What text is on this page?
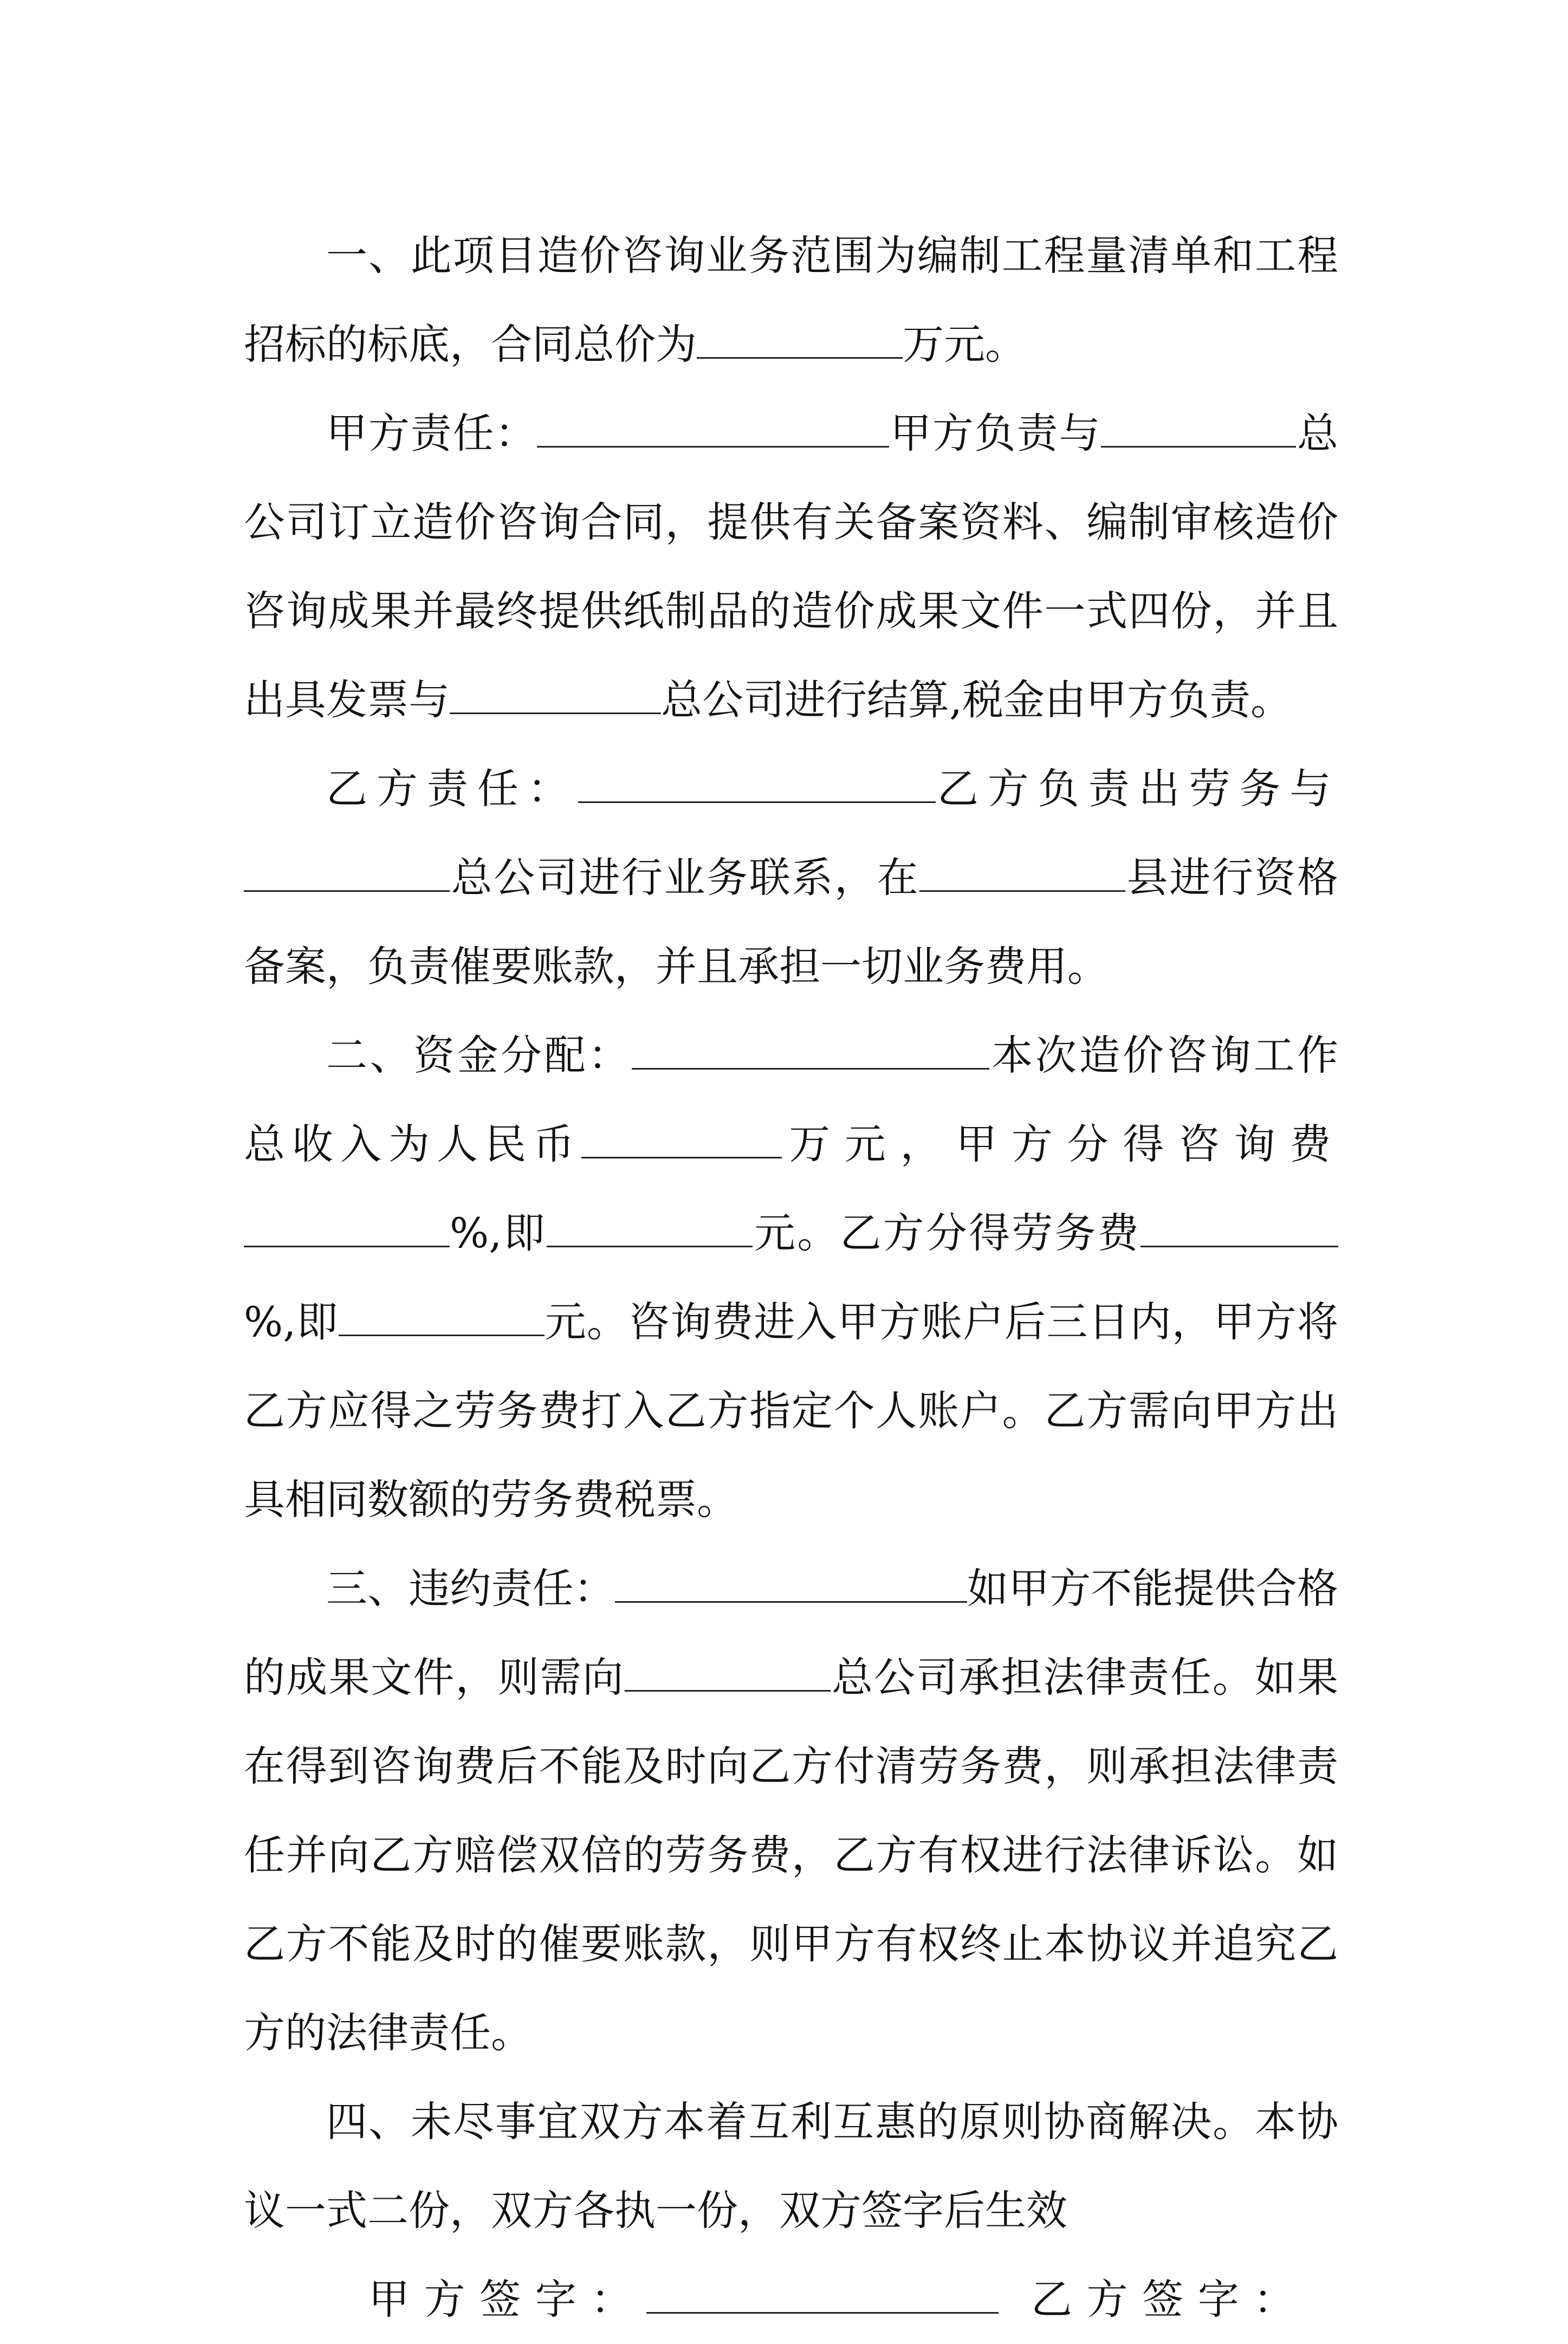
一、此项目造价咨询业务范围为编制工程量清单和工程招标的标底，合同总价为	万元。

甲方责任：	甲方负责与	总公司订立造价咨询合同，提供有关备案资料、编制审核造价咨询成果并最终提供纸制品的造价成果文件一式四份，并且出具发票与	总公司进行结算,税金由甲方负责。

乙方责任：	乙方负责出劳务与总公司进行业务联系，在	县进行资格备案，负责催要账款，并且承担一切业务费用。

二、资金分配：	本次造价咨询工作总收入为人民币	万元，甲方分得咨询费%,即	元。乙方分得劳务费%,即	元。咨询费进入甲方账户后三日内，甲方将乙方应得之劳务费打入乙方指定个人账户。乙方需向甲方出具相同数额的劳务费税票。

三、违约责任：	如甲方不能提供合格的成果文件，则需向	总公司承担法律责任。如果在得到咨询费后不能及时向乙方付清劳务费，则承担法律责任并向乙方赔偿双倍的劳务费，乙方有权进行法律诉讼。如乙方不能及时的催要账款，则甲方有权终止本协议并追究乙方的法律责任。

四、未尽事宜双方本着互利互惠的原则协商解决。本协议一式二份，双方各执一份，双方签字后生效

甲方签字：	乙方签字：
